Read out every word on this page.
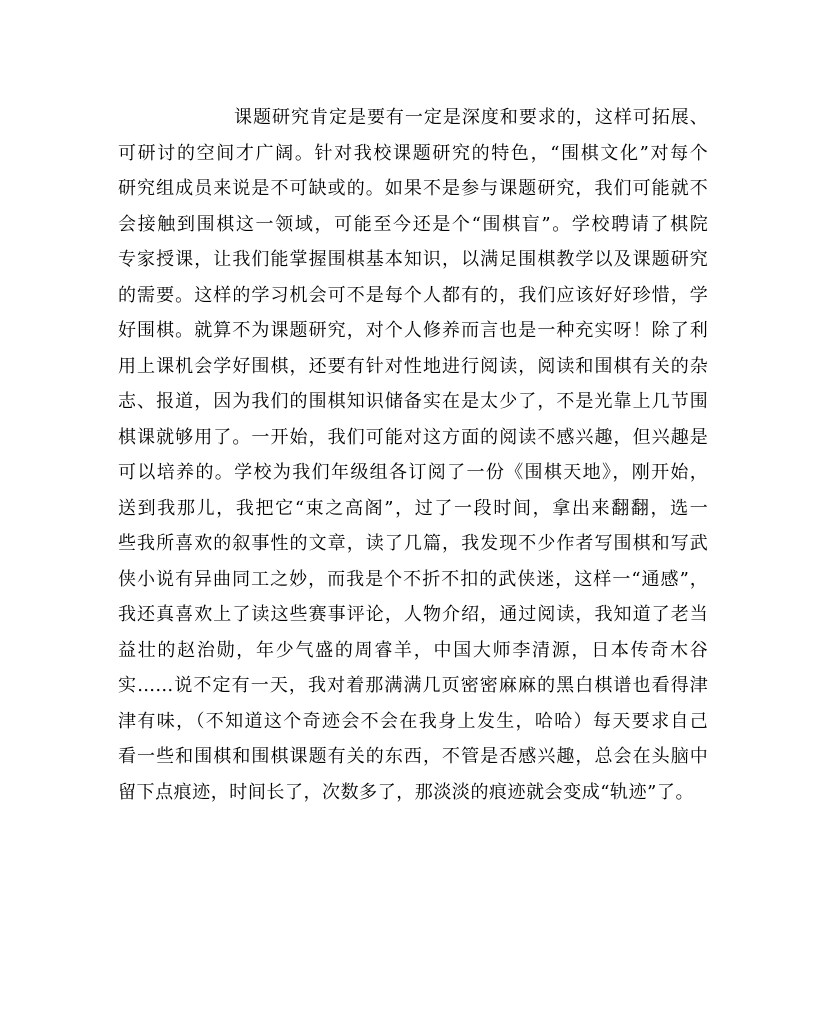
课题研究肯定是要有一定是深度和要求的，这样可拓展、
可研讨的空间才广阔。针对我校课题研究的特色，“围棋文化”对每个
研究组成员来说是不可缺或的。如果不是参与课题研究，我们可能就不
会接触到围棋这一领域，可能至今还是个“围棋盲”。学校聘请了棋院
专家授课，让我们能掌握围棋基本知识，以满足围棋教学以及课题研究
的需要。这样的学习机会可不是每个人都有的，我们应该好好珍惜，学
好围棋。就算不为课题研究，对个人修养而言也是一种充实呀！除了利
用上课机会学好围棋，还要有针对性地进行阅读，阅读和围棋有关的杂
志、报道，因为我们的围棋知识储备实在是太少了，不是光靠上几节围
棋课就够用了。一开始，我们可能对这方面的阅读不感兴趣，但兴趣是
可以培养的。学校为我们年级组各订阅了一份《围棋天地》，刚开始，
送到我那儿，我把它“束之高阁”，过了一段时间，拿出来翻翻，选一
些我所喜欢的叙事性的文章，读了几篇，我发现不少作者写围棋和写武
侠小说有异曲同工之妙，而我是个不折不扣的武侠迷，这样一“通感”，
我还真喜欢上了读这些赛事评论，人物介绍，通过阅读，我知道了老当
益壮的赵治勋，年少气盛的周睿羊，中国大师李清源，日本传奇木谷
实……说不定有一天，我对着那满满几页密密麻麻的黑白棋谱也看得津
津有味，（不知道这个奇迹会不会在我身上发生，哈哈）每天要求自己
看一些和围棋和围棋课题有关的东西，不管是否感兴趣，总会在头脑中
留下点痕迹，时间长了，次数多了，那淡淡的痕迹就会变成“轨迹”了。
